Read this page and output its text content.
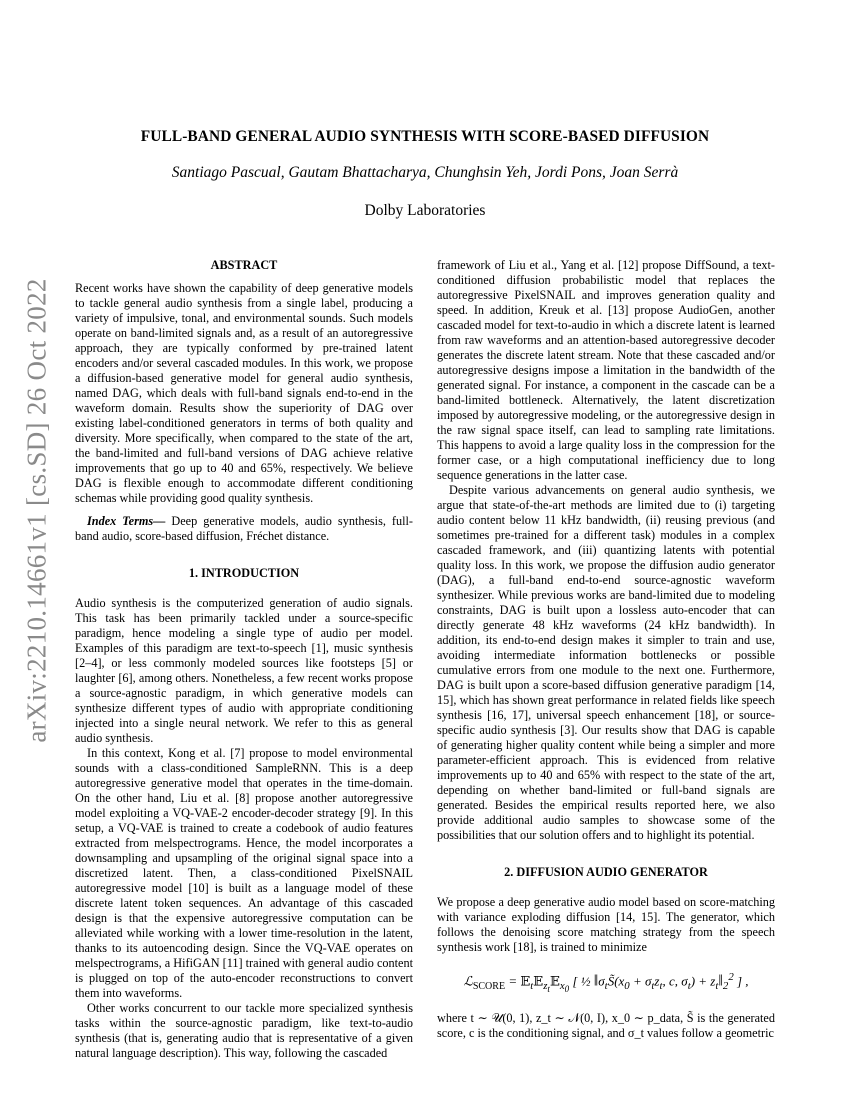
arXiv:2210.14661v1 [cs.SD] 26 Oct 2022
FULL-BAND GENERAL AUDIO SYNTHESIS WITH SCORE-BASED DIFFUSION
Santiago Pascual, Gautam Bhattacharya, Chunghsin Yeh, Jordi Pons, Joan Serrà
Dolby Laboratories
ABSTRACT

Recent works have shown the capability of deep generative models to tackle general audio synthesis from a single label, producing a variety of impulsive, tonal, and environmental sounds. Such models operate on band-limited signals and, as a result of an autoregressive approach, they are typically conformed by pre-trained latent encoders and/or several cascaded modules. In this work, we propose a diffusion-based generative model for general audio synthesis, named DAG, which deals with full-band signals end-to-end in the waveform domain. Results show the superiority of DAG over existing label-conditioned generators in terms of both quality and diversity. More specifically, when compared to the state of the art, the band-limited and full-band versions of DAG achieve relative improvements that go up to 40 and 65%, respectively. We believe DAG is flexible enough to accommodate different conditioning schemas while providing good quality synthesis.

Index Terms— Deep generative models, audio synthesis, full-band audio, score-based diffusion, Fréchet distance.

1. INTRODUCTION

Audio synthesis is the computerized generation of audio signals. This task has been primarily tackled under a source-specific paradigm, hence modeling a single type of audio per model. Examples of this paradigm are text-to-speech [1], music synthesis [2–4], or less commonly modeled sources like footsteps [5] or laughter [6], among others. Nonetheless, a few recent works propose a source-agnostic paradigm, in which generative models can synthesize different types of audio with appropriate conditioning injected into a single neural network. We refer to this as general audio synthesis.

In this context, Kong et al. [7] propose to model environmental sounds with a class-conditioned SampleRNN. This is a deep autoregressive generative model that operates in the time-domain. On the other hand, Liu et al. [8] propose another autoregressive model exploiting a VQ-VAE-2 encoder-decoder strategy [9]. In this setup, a VQ-VAE is trained to create a codebook of audio features extracted from melspectrograms. Hence, the model incorporates a downsampling and upsampling of the original signal space into a discretized latent. Then, a class-conditioned PixelSNAIL autoregressive model [10] is built as a language model of these discrete latent token sequences. An advantage of this cascaded design is that the expensive autoregressive computation can be alleviated while working with a lower time-resolution in the latent, thanks to its autoencoding design. Since the VQ-VAE operates on melspectrograms, a HifiGAN [11] trained with general audio content is plugged on top of the auto-encoder reconstructions to convert them into waveforms.

Other works concurrent to our tackle more specialized synthesis tasks within the source-agnostic paradigm, like text-to-audio synthesis (that is, generating audio that is representative of a given natural language description). This way, following the cascaded

framework of Liu et al., Yang et al. [12] propose DiffSound, a text-conditioned diffusion probabilistic model that replaces the autoregressive PixelSNAIL and improves generation quality and speed. In addition, Kreuk et al. [13] propose AudioGen, another cascaded model for text-to-audio in which a discrete latent is learned from raw waveforms and an attention-based autoregressive decoder generates the discrete latent stream. Note that these cascaded and/or autoregressive designs impose a limitation in the bandwidth of the generated signal. For instance, a component in the cascade can be a band-limited bottleneck. Alternatively, the latent discretization imposed by autoregressive modeling, or the autoregressive design in the raw signal space itself, can lead to sampling rate limitations. This happens to avoid a large quality loss in the compression for the former case, or a high computational inefficiency due to long sequence generations in the latter case.

Despite various advancements on general audio synthesis, we argue that state-of-the-art methods are limited due to (i) targeting audio content below 11 kHz bandwidth, (ii) reusing previous (and sometimes pre-trained for a different task) modules in a complex cascaded framework, and (iii) quantizing latents with potential quality loss. In this work, we propose the diffusion audio generator (DAG), a full-band end-to-end source-agnostic waveform synthesizer. While previous works are band-limited due to modeling constraints, DAG is built upon a lossless auto-encoder that can directly generate 48 kHz waveforms (24 kHz bandwidth). In addition, its end-to-end design makes it simpler to train and use, avoiding intermediate information bottlenecks or possible cumulative errors from one module to the next one. Furthermore, DAG is built upon a score-based diffusion generative paradigm [14, 15], which has shown great performance in related fields like speech synthesis [16, 17], universal speech enhancement [18], or source-specific audio synthesis [3]. Our results show that DAG is capable of generating higher quality content while being a simpler and more parameter-efficient approach. This is evidenced from relative improvements up to 40 and 65% with respect to the state of the art, depending on whether band-limited or full-band signals are generated. Besides the empirical results reported here, we also provide additional audio samples to showcase some of the possibilities that our solution offers and to highlight its potential.

2. DIFFUSION AUDIO GENERATOR

We propose a deep generative audio model based on score-matching with variance exploding diffusion [14, 15]. The generator, which follows the denoising score matching strategy from the speech synthesis work [18], is trained to minimize

ℒ$_{SCORE}$ = 𝔼$_t$𝔼$_{z_t}$𝔼$_{x_0}$ [ ½ $‖\sigma_tS̃(x_0 + \sigma_tz_t$, c, $\sigma_t$) + $z_t‖_2^2$ ] ,

where t ∼ 𝒰(0, 1), z_t ∼ 𝒩(0, I), x_0 ∼ p_data, S̃ is the generated score, c is the conditioning signal, and σ_t values follow a geometric
